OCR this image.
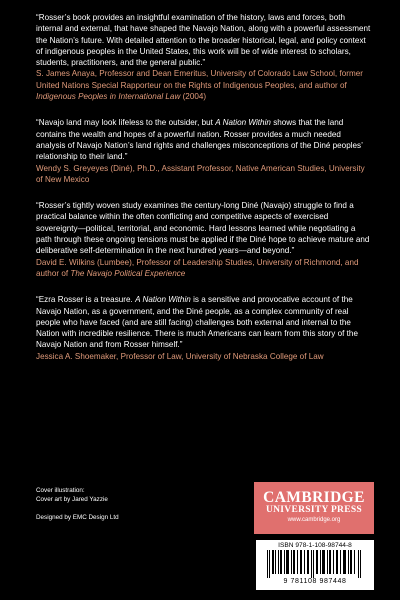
“Rosser’s book provides an insightful examination of the history, laws and forces, both internal and external, that have shaped the Navajo Nation, along with a powerful assessment the Nation’s future. With detailed attention to the broader historical, legal, and policy context of indigenous peoples in the United States, this work will be of wide interest to scholars, students, practitioners, and the general public.”

S. James Anaya, Professor and Dean Emeritus, University of Colorado Law School, former United Nations Special Rapporteur on the Rights of Indigenous Peoples, and author of Indigenous Peoples in International Law (2004)

“Navajo land may look lifeless to the outsider, but A Nation Within shows that the land contains the wealth and hopes of a powerful nation. Rosser provides a much needed analysis of Navajo Nation’s land rights and challenges misconceptions of the Diné peoples’ relationship to their land.”

Wendy S. Greyeyes (Diné), Ph.D., Assistant Professor, Native American Studies, University of New Mexico

“Rosser’s tightly woven study examines the century-long Diné (Navajo) struggle to find a practical balance within the often conflicting and competitive aspects of exercised sovereignty—political, territorial, and economic. Hard lessons learned while negotiating a path through these ongoing tensions must be applied if the Diné hope to achieve mature and deliberative self-determination in the next hundred years—and beyond.”

David E. Wilkins (Lumbee), Professor of Leadership Studies, University of Richmond, and author of The Navajo Political Experience

“Ezra Rosser is a treasure. A Nation Within is a sensitive and provocative account of the Navajo Nation, as a government, and the Diné people, as a complex community of real people who have faced (and are still facing) challenges both external and internal to the Nation with incredible resilience. There is much Americans can learn from this story of the Navajo Nation and from Rosser himself.”

Jessica A. Shoemaker, Professor of Law, University of Nebraska College of Law

Cover illustration:
Cover art by Jared Yazzie
Designed by EMC Design Ltd
CAMBRIDGE
UNIVERSITY PRESS
www.cambridge.org
ISBN 978-1-108-98744-8
9 781108 987448
